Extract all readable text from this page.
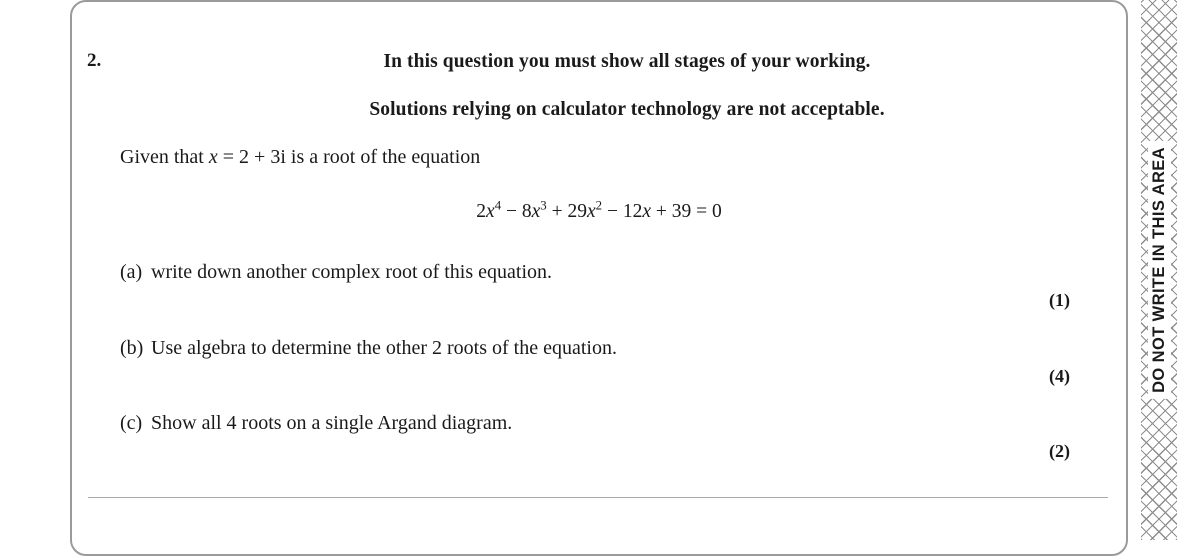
2.	In this question you must show all stages of your working.
Solutions relying on calculator technology are not acceptable.
Given that x = 2 + 3i is a root of the equation
$2x^4 - 8x^3 + 29x^2 - 12x + 39 = 0$
(a) write down another complex root of this equation.
(1)
(b) Use algebra to determine the other 2 roots of the equation.
(4)
(c) Show all 4 roots on a single Argand diagram.
(2)
DO NOT WRITE IN THIS AREA
